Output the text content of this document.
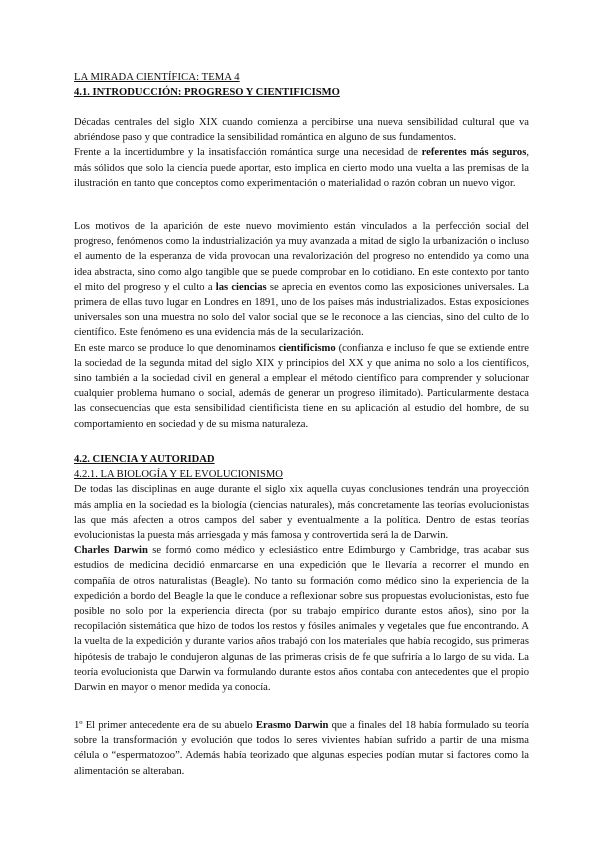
LA MIRADA CIENTÍFICA: TEMA 4

4.1. INTRODUCCIÓN: PROGRESO Y CIENTIFICISMO

Décadas centrales del siglo XIX cuando comienza a percibirse una nueva sensibilidad cultural que va abriéndose paso y que contradice la sensibilidad romántica en alguno de sus fundamentos.

Frente a la incertidumbre y la insatisfacción romántica surge una necesidad de referentes más seguros, más sólidos que solo la ciencia puede aportar, esto implica en cierto modo una vuelta a las premisas de la ilustración en tanto que conceptos como experimentación o materialidad o razón cobran un nuevo vigor.

Los motivos de la aparición de este nuevo movimiento están vinculados a la perfección social del progreso, fenómenos como la industrialización ya muy avanzada a mitad de siglo la urbanización o incluso el aumento de la esperanza de vida provocan una revalorización del progreso no entendido ya como una idea abstracta, sino como algo tangible que se puede comprobar en lo cotidiano. En este contexto por tanto el mito del progreso y el culto a las ciencias se aprecia en eventos como las exposiciones universales. La primera de ellas tuvo lugar en Londres en 1891, uno de los países más industrializados. Estas exposiciones universales son una muestra no solo del valor social que se le reconoce a las ciencias, sino del culto de lo científico. Este fenómeno es una evidencia más de la secularización.

En este marco se produce lo que denominamos cientificismo (confianza e incluso fe que se extiende entre la sociedad de la segunda mitad del siglo XIX y principios del XX y que anima no solo a los científicos, sino también a la sociedad civil en general a emplear el método científico para comprender y solucionar cualquier problema humano o social, además de generar un progreso ilimitado). Particularmente destaca las consecuencias que esta sensibilidad cientificista tiene en su aplicación al estudio del hombre, de su comportamiento en sociedad y de su misma naturaleza.

4.2. CIENCIA Y AUTORIDAD

4.2.1. LA BIOLOGÍA Y EL EVOLUCIONISMO

De todas las disciplinas en auge durante el siglo xix aquella cuyas conclusiones tendrán una proyección más amplia en la sociedad es la biología (ciencias naturales), más concretamente las teorías evolucionistas las que más afecten a otros campos del saber y eventualmente a la política. Dentro de estas teorías evolucionistas la puesta más arriesgada y más famosa y controvertida será la de Darwin.

Charles Darwin se formó como médico y eclesiástico entre Edimburgo y Cambridge, tras acabar sus estudios de medicina decidió enmarcarse en una expedición que le llevaría a recorrer el mundo en compañía de otros naturalistas (Beagle). No tanto su formación como médico sino la experiencia de la expedición a bordo del Beagle la que le conduce a reflexionar sobre sus propuestas evolucionistas, esto fue posible no solo por la experiencia directa (por su trabajo empírico durante estos años), sino por la recopilación sistemática que hizo de todos los restos y fósiles animales y vegetales que fue encontrando. A la vuelta de la expedición y durante varios años trabajó con los materiales que había recogido, sus primeras hipótesis de trabajo le condujeron algunas de las primeras crisis de fe que sufriría a lo largo de su vida. La teoría evolucionista que Darwin va formulando durante estos años contaba con antecedentes que el propio Darwin en mayor o menor medida ya conocía.

1º El primer antecedente era de su abuelo Erasmo Darwin que a finales del 18 había formulado su teoría sobre la transformación y evolución que todos lo seres vivientes habían sufrido a partir de una misma célula o “espermatozoo”. Además había teorizado que algunas especies podían mutar si factores como la alimentación se alteraban.
